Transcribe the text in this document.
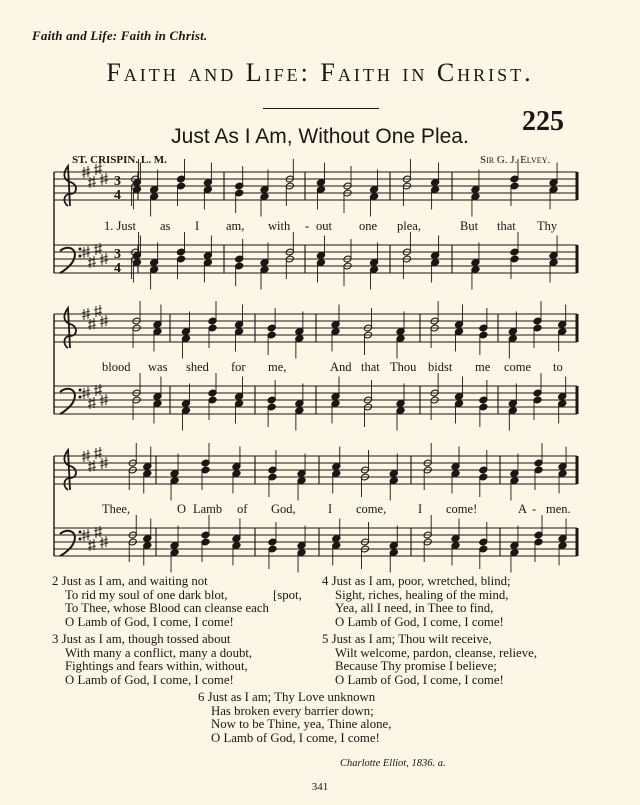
Faith and Life: Faith in Christ.
Faith and Life: Faith in Christ.
225
Just As I Am, Without One Plea.
ST. CRISPIN. L. M.	Sir G. J. Elvey.
3
4
3
4
1. Just as I am, with - out one plea,	But that Thy
blood was shed for me,	And that Thou bidst me come to
Thee,	O Lamb of God,	I come,	I come!	A - men.
2 Just as I am, and waiting not
To rid my soul of one dark blot,
To Thee, whose Blood can cleanse each
O Lamb of God, I come, I come!
[spot,
3 Just as I am, though tossed about
With many a conflict, many a doubt,
Fightings and fears within, without,
O Lamb of God, I come, I come!
4 Just as I am, poor, wretched, blind;
Sight, riches, healing of the mind,
Yea, all I need, in Thee to find,
O Lamb of God, I come, I come!
5 Just as I am; Thou wilt receive,
Wilt welcome, pardon, cleanse, relieve,
Because Thy promise I believe;
O Lamb of God, I come, I come!
6 Just as I am; Thy Love unknown
Has broken every barrier down;
Now to be Thine, yea, Thine alone,
O Lamb of God, I come, I come!
Charlotte Elliot, 1836. a.
341
